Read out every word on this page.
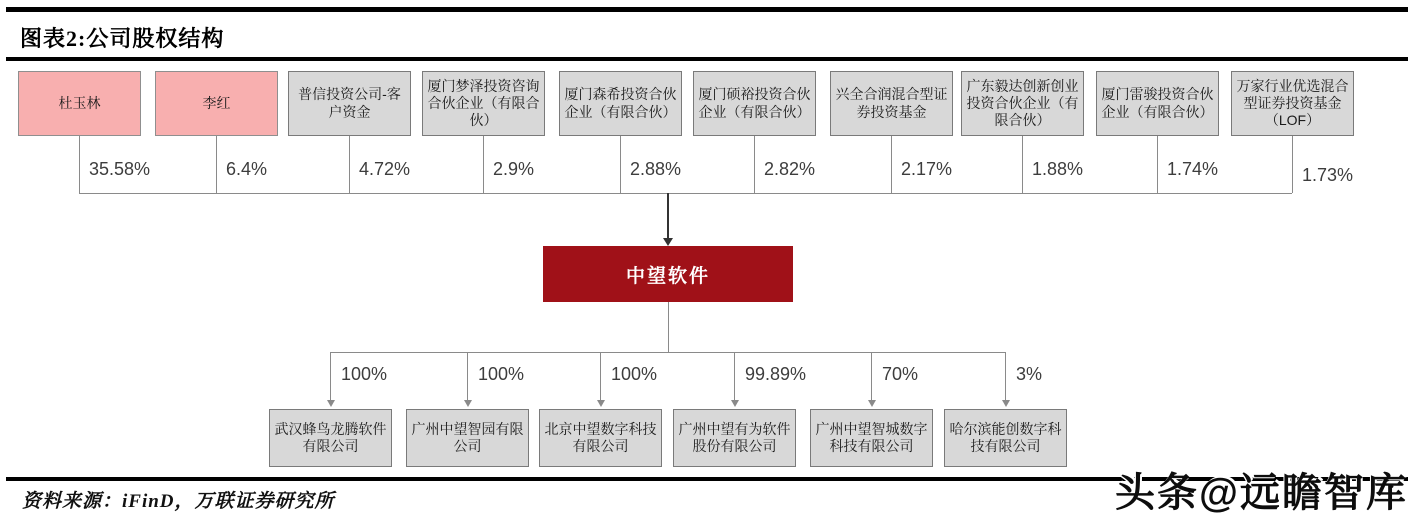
图表2:公司股权结构
杜玉林	李红
普信投资公司-客户资金
厦门梦泽投资咨询合伙企业（有限合伙）
厦门森希投资合伙企业（有限合伙）
厦门硕裕投资合伙企业（有限合伙）
兴全合润混合型证券投资基金
广东毅达创新创业投资合伙企业（有限合伙）
厦门雷骏投资合伙企业（有限合伙）
万家行业优选混合型证券投资基金（LOF）
35.58%	6.4%	4.72%	2.9%	2.88%	2.82%	2.17%	1.88%	1.74%	1.73%
中望软件
100%	100%	100%	99.89%	70%	3%
武汉蜂鸟龙腾软件有限公司
广州中望智园有限公司
北京中望数字科技有限公司
广州中望有为软件股份有限公司
广州中望智城数字科技有限公司
哈尔滨能创数字科技有限公司
资料来源：iFinD，万联证券研究所	头条@远瞻智库
